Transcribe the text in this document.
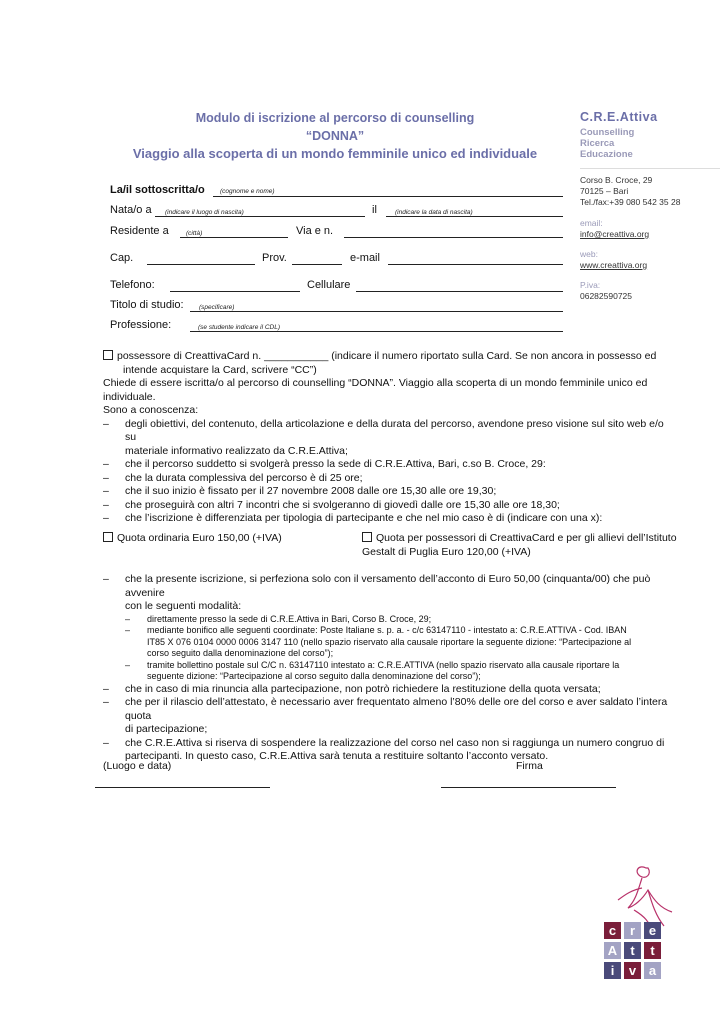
Modulo di iscrizione al percorso di counselling
“DONNA”
Viaggio alla scoperta di un mondo femminile unico ed individuale
C.R.E.Attiva
Counselling
Ricerca
Educazione
Corso B. Croce, 29
70125 – Bari
Tel./fax:+39 080 542 35 28
email:
info@creattiva.org
web:
www.creattiva.org
P.iva:
06282590725
La/il sottoscritta/o (cognome e nome)
Nata/o a (indicare il luogo di nascita)	il	(indicare la data di nascita)
Residente a	(città)	Via e n.
Cap.	Prov.	e-mail
Telefono:	Cellulare
Titolo di studio: (specificare)
Professione:	(se studente indicare il CDL)
possessore di CreattivaCard n. ___________ (indicare il numero riportato sulla Card. Se non ancora in possesso ed
intende acquistare la Card, scrivere “CC”)
Chiede di essere iscritta/o al percorso di counselling “DONNA”. Viaggio alla scoperta di un mondo femminile unico ed
individuale.
Sono a conoscenza:
– degli obiettivi, del contenuto, della articolazione e della durata del percorso, avendone preso visione sul sito web e/o su
materiale informativo realizzato da C.R.E.Attiva;
– che il percorso suddetto si svolgerà presso la sede di C.R.E.Attiva, Bari, c.so B. Croce, 29:
– che la durata complessiva del percorso è di 25 ore;
– che il suo inizio è fissato per il 27 novembre 2008 dalle ore 15,30 alle ore 19,30;
– che proseguirà con altri 7 incontri che si svolgeranno di giovedì dalle ore 15,30 alle ore 18,30;
– che l’iscrizione è differenziata per tipologia di partecipante e che nel mio caso è di (indicare con una x):
Quota ordinaria Euro 150,00 (+IVA)	Quota per possessori di CreattivaCard e per gli allievi dell’Istituto
Gestalt di Puglia Euro 120,00 (+IVA)
– che la presente iscrizione, si perfeziona solo con il versamento dell’acconto di Euro 50,00 (cinquanta/00) che può avvenire
con le seguenti modalità:
– direttamente presso la sede di C.R.E.Attiva in Bari, Corso B. Croce, 29;
– mediante bonifico alle seguenti coordinate: Poste Italiane s. p. a. - c/c 63147110 - intestato a: C.R.E.ATTIVA - Cod. IBAN
IT85 X 076 0104 0000 0006 3147 110 (nello spazio riservato alla causale riportare la seguente dizione: “Partecipazione al
corso seguito dalla denominazione del corso”);
– tramite bollettino postale sul C/C n. 63147110 intestato a: C.R.E.ATTIVA (nello spazio riservato alla causale riportare la
seguente dizione: “Partecipazione al corso seguito dalla denominazione del corso”);
– che in caso di mia rinuncia alla partecipazione, non potrò richiedere la restituzione della quota versata;
– che per il rilascio dell’attestato, è necessario aver frequentato almeno l’80% delle ore del corso e aver saldato l’intera quota
di partecipazione;
– che C.R.E.Attiva si riserva di sospendere la realizzazione del corso nel caso non si raggiunga un numero congruo di
partecipanti. In questo caso, C.R.E.Attiva sarà tenuta a restituire soltanto l’acconto versato.
(Luogo e data)	Firma
c	r	e
A	t	t
i	v a
